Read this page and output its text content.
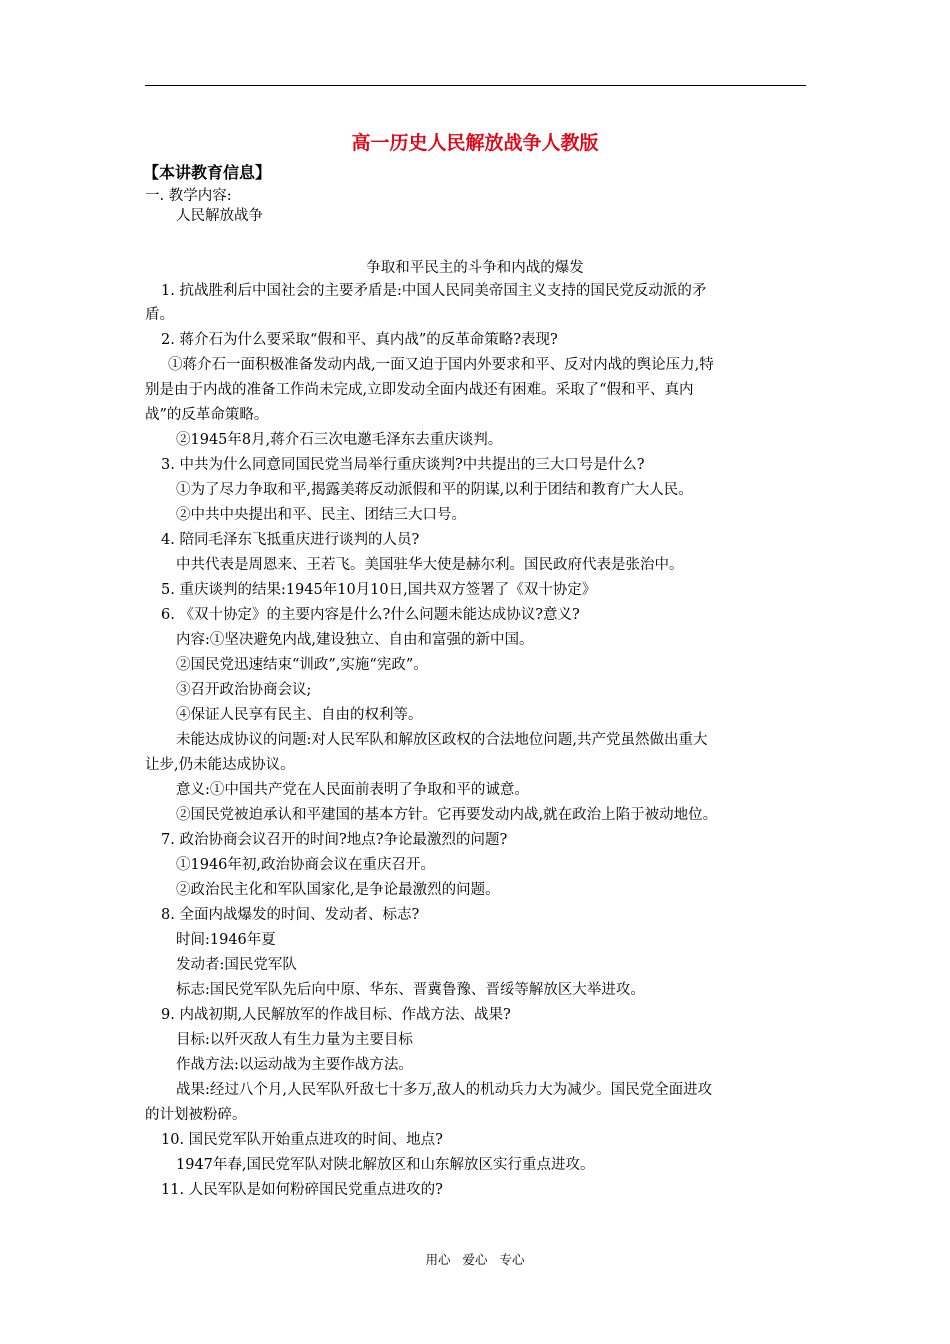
高一历史人民解放战争人教版
【本讲教育信息】
一. 教学内容:
人民解放战争
争取和平民主的斗争和内战的爆发
1. 抗战胜利后中国社会的主要矛盾是:中国人民同美帝国主义支持的国民党反动派的矛
盾。
2. 蒋介石为什么要采取“假和平、真内战”的反革命策略?表现?
①蒋介石一面积极准备发动内战,一面又迫于国内外要求和平、反对内战的舆论压力,特
别是由于内战的准备工作尚未完成,立即发动全面内战还有困难。采取了“假和平、真内
战”的反革命策略。
②1945年8月,蒋介石三次电邀毛泽东去重庆谈判。
3. 中共为什么同意同国民党当局举行重庆谈判?中共提出的三大口号是什么?
①为了尽力争取和平,揭露美蒋反动派假和平的阴谋,以利于团结和教育广大人民。
②中共中央提出和平、民主、团结三大口号。
4. 陪同毛泽东飞抵重庆进行谈判的人员?
中共代表是周恩来、王若飞。美国驻华大使是赫尔利。国民政府代表是张治中。
5. 重庆谈判的结果:1945年10月10日,国共双方签署了《双十协定》
6. 《双十协定》的主要内容是什么?什么问题未能达成协议?意义?
内容:①坚决避免内战,建设独立、自由和富强的新中国。
②国民党迅速结束“训政”,实施“宪政”。
③召开政治协商会议;
④保证人民享有民主、自由的权利等。
未能达成协议的问题:对人民军队和解放区政权的合法地位问题,共产党虽然做出重大
让步,仍未能达成协议。
意义:①中国共产党在人民面前表明了争取和平的诚意。
②国民党被迫承认和平建国的基本方针。它再要发动内战,就在政治上陷于被动地位。
7. 政治协商会议召开的时间?地点?争论最激烈的问题?
①1946年初,政治协商会议在重庆召开。
②政治民主化和军队国家化,是争论最激烈的问题。
8. 全面内战爆发的时间、发动者、标志?
时间:1946年夏
发动者:国民党军队
标志:国民党军队先后向中原、华东、晋冀鲁豫、晋绥等解放区大举进攻。
9. 内战初期,人民解放军的作战目标、作战方法、战果?
目标:以歼灭敌人有生力量为主要目标
作战方法:以运动战为主要作战方法。
战果:经过八个月,人民军队歼敌七十多万,敌人的机动兵力大为减少。国民党全面进攻
的计划被粉碎。
10. 国民党军队开始重点进攻的时间、地点?
1947年春,国民党军队对陕北解放区和山东解放区实行重点进攻。
11. 人民军队是如何粉碎国民党重点进攻的?
用心 爱心 专心
